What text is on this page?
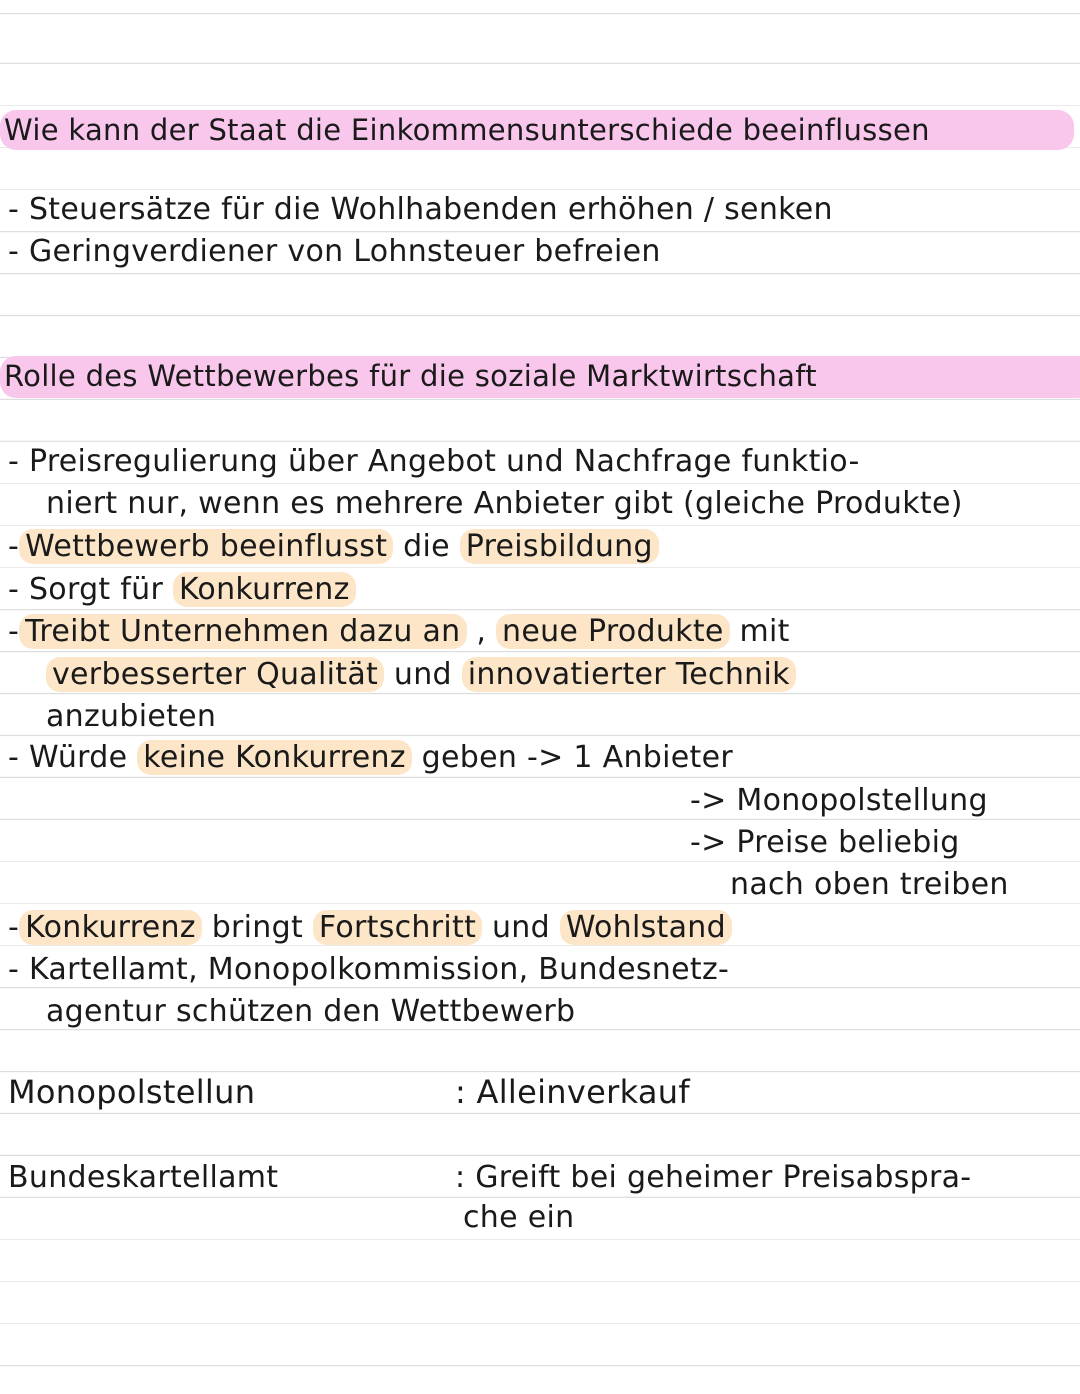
Wie kann der Staat die Einkommensunterschiede beeinflussen
- Steuersätze für die Wohlhabenden erhöhen / senken
- Geringverdiener von Lohnsteuer befreien
Rolle des Wettbewerbes für die soziale Marktwirtschaft
- Preisregulierung über Angebot und Nachfrage funktio-
niert nur, wenn es mehrere Anbieter gibt (gleiche Produkte)
- Wettbewerb beeinflusst die Preisbildung
- Sorgt für Konkurrenz
- Treibt Unternehmen dazu an , neue Produkte mit
verbesserter Qualität und innovatierter Technik
anzubieten
- Würde keine Konkurrenz geben -> 1 Anbieter
-> Monopolstellung
-> Preise beliebig
nach oben treiben
- Konkurrenz bringt Fortschritt und Wohlstand
- Kartellamt, Monopolkommission, Bundesnetz-
agentur schützen den Wettbewerb
Monopolstellun	: Alleinverkauf
Bundeskartellamt	: Greift bei geheimer Preisabspra-
che ein
